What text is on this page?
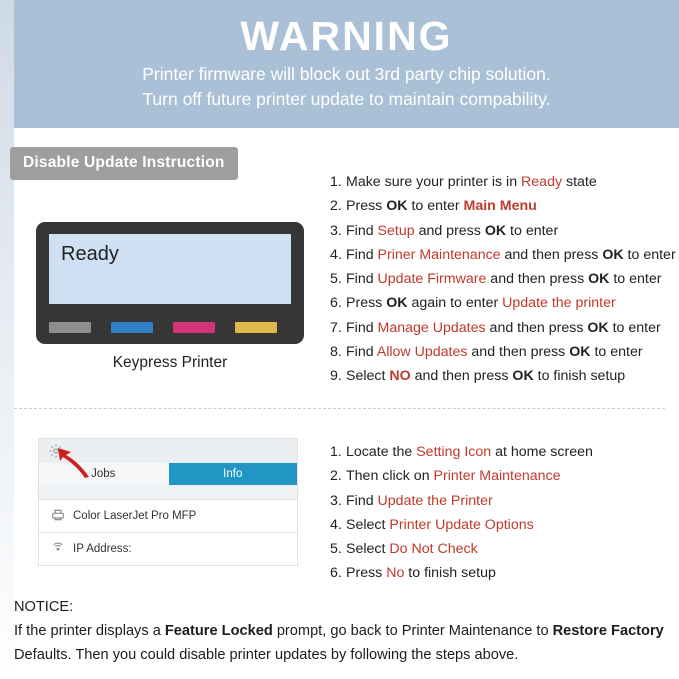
WARNING

Printer firmware will block out 3rd party chip solution.

Turn off future printer update to maintain compability.

Disable Update Instruction
Ready
Keypress Printer
1. Make sure your printer is in Ready state
2. Press OK to enter Main Menu
3. Find Setup and press OK to enter
4. Find Priner Maintenance and then press OK to enter
5. Find Update Firmware and then press OK to enter
6. Press OK again to enter Update the printer
7. Find Manage Updates and then press OK to enter
8. Find Allow Updates and then press OK to enter
9. Select NO and then press OK to finish setup
Jobs	Info
Color LaserJet Pro MFP
IP Address:
1. Locate the Setting Icon at home screen
2. Then click on Printer Maintenance
3. Find Update the Printer
4. Select Printer Update Options
5. Select Do Not Check
6. Press No to finish setup
NOTICE:
If the printer displays a Feature Locked prompt, go back to Printer Maintenance to Restore Factory Defaults. Then you could disable printer updates by following the steps above.
